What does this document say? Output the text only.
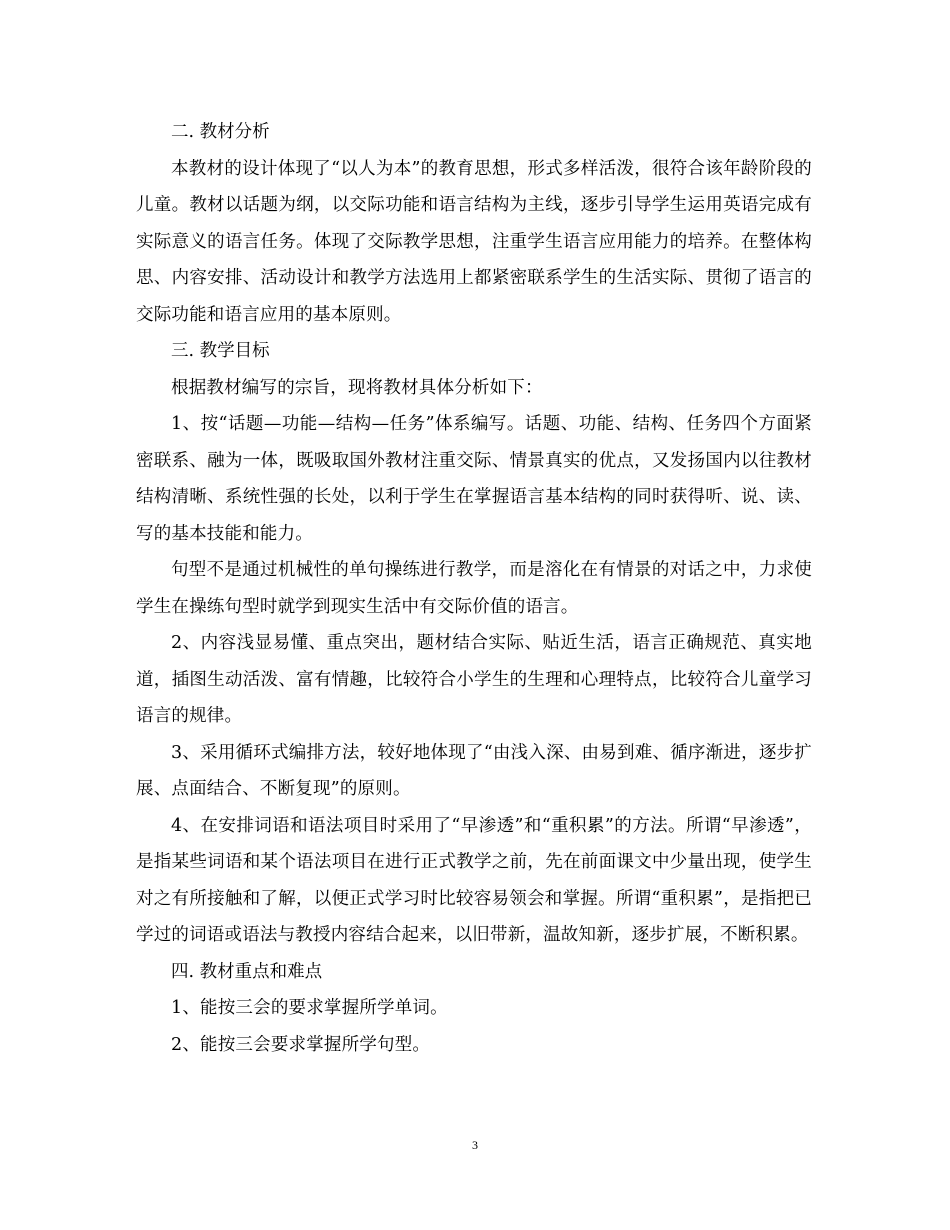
二. 教材分析

本教材的设计体现了“以人为本”的教育思想，形式多样活泼，很符合该年龄阶段的儿童。教材以话题为纲，以交际功能和语言结构为主线，逐步引导学生运用英语完成有实际意义的语言任务。体现了交际教学思想，注重学生语言应用能力的培养。在整体构思、内容安排、活动设计和教学方法选用上都紧密联系学生的生活实际、贯彻了语言的交际功能和语言应用的基本原则。

三. 教学目标

根据教材编写的宗旨，现将教材具体分析如下：

1、按“话题—功能—结构—任务”体系编写。话题、功能、结构、任务四个方面紧密联系、融为一体，既吸取国外教材注重交际、情景真实的优点，又发扬国内以往教材结构清晰、系统性强的长处，以利于学生在掌握语言基本结构的同时获得听、说、读、写的基本技能和能力。

句型不是通过机械性的单句操练进行教学，而是溶化在有情景的对话之中，力求使学生在操练句型时就学到现实生活中有交际价值的语言。

2、内容浅显易懂、重点突出，题材结合实际、贴近生活，语言正确规范、真实地道，插图生动活泼、富有情趣，比较符合小学生的生理和心理特点，比较符合儿童学习语言的规律。

3、采用循环式编排方法，较好地体现了“由浅入深、由易到难、循序渐进，逐步扩展、点面结合、不断复现”的原则。

4、在安排词语和语法项目时采用了“早渗透”和“重积累”的方法。所谓“早渗透”，是指某些词语和某个语法项目在进行正式教学之前，先在前面课文中少量出现，使学生对之有所接触和了解，以便正式学习时比较容易领会和掌握。所谓“重积累”，是指把已学过的词语或语法与教授内容结合起来，以旧带新，温故知新，逐步扩展，不断积累。

四. 教材重点和难点

1、能按三会的要求掌握所学单词。

2、能按三会要求掌握所学句型。

3
